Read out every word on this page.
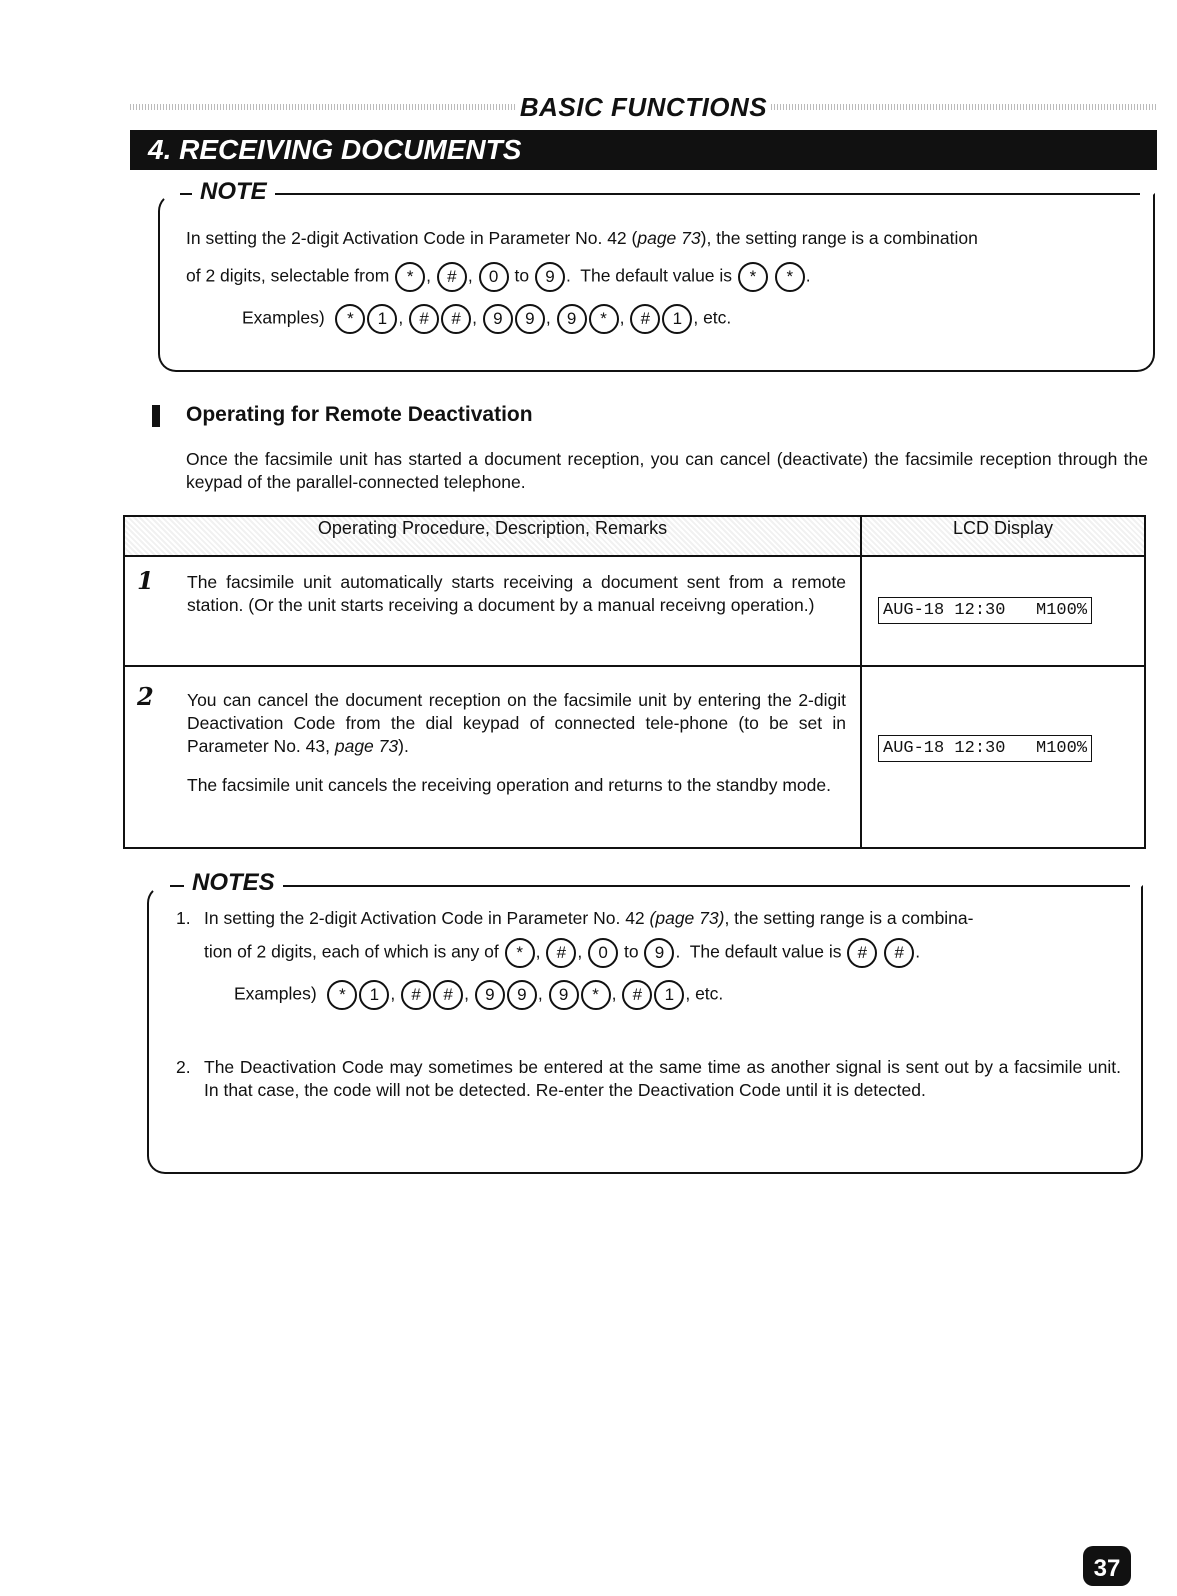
BASIC FUNCTIONS
4. RECEIVING DOCUMENTS
NOTE
In setting the 2-digit Activation Code in Parameter No. 42 (page 73), the setting range is a combination
of 2 digits, selectable from * , # , 0 to 9 .  The default value is * * .
Examples) * 1 , # # , 9 9 , 9 * , # 1 , etc.
Operating for Remote Deactivation
Once the facsimile unit has started a document reception, you can cancel (deactivate) the facsimile reception through the keypad of the parallel-connected telephone.
Operating Procedure, Description, Remarks	LCD Display

1 The facsimile unit automatically starts receiving a document sent from a remote station. (Or the unit starts receiving a document by a manual receivng operation.)	AUG-18 12:30   M100%

2 You can cancel the document reception on the facsimile unit by entering the 2-digit Deactivation Code from the dial keypad of connected tele-phone (to be set in Parameter No. 43, page 73).
The facsimile unit cancels the receiving operation and returns to the standby mode.	AUG-18 12:30   M100%
NOTES
1. In setting the 2-digit Activation Code in Parameter No. 42 (page 73), the setting range is a combina-
tion of 2 digits, each of which is any of * , # , 0 to 9 .  The default value is # # .
Examples) * 1 , # # , 9 9 , 9 * , # 1 , etc.
2. The Deactivation Code may sometimes be entered at the same time as another signal is sent out by a facsimile unit. In that case, the code will not be detected. Re-enter the Deactivation Code until it is detected.
37
